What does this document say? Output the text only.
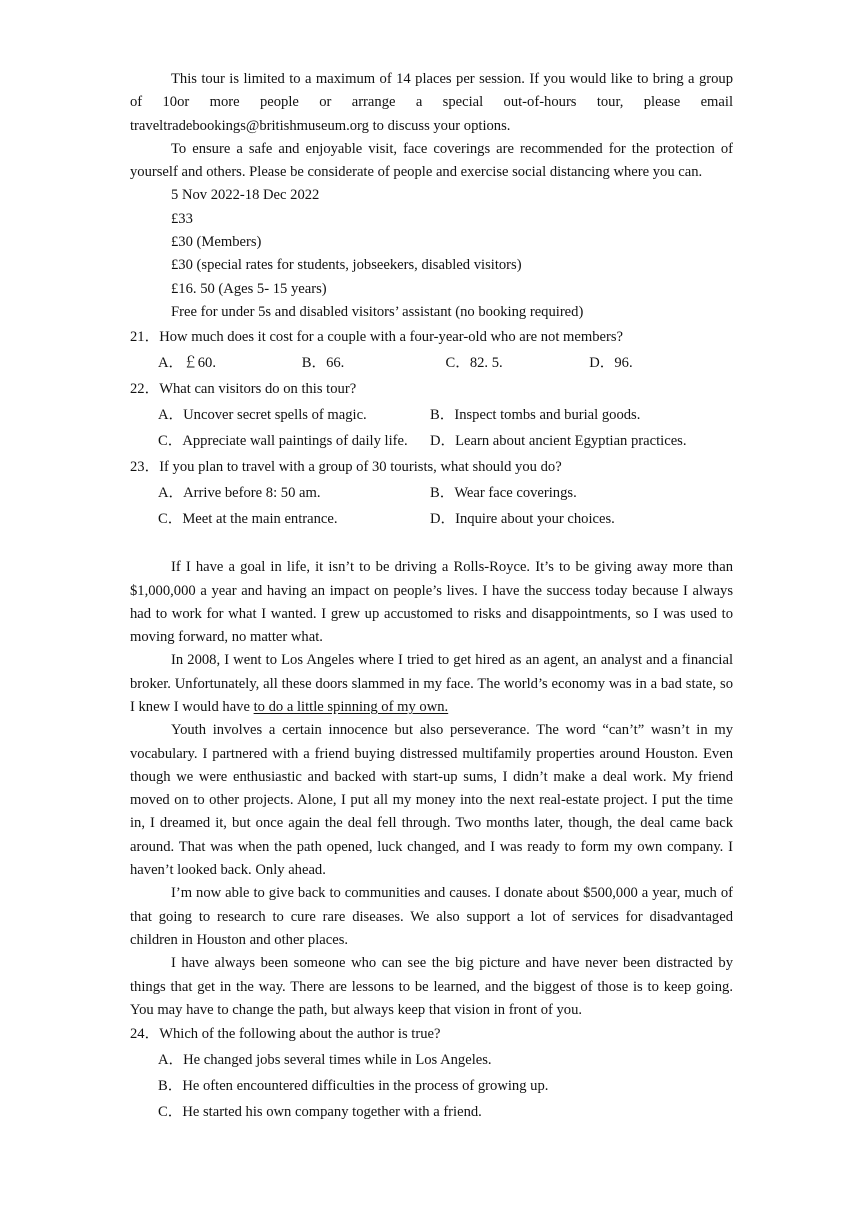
This tour is limited to a maximum of 14 places per session. If you would like to bring a group of 10or more people or arrange a special out-of-hours tour, please email traveltradebookings@britishmuseum.org to discuss your options.

To ensure a safe and enjoyable visit, face coverings are recommended for the protection of yourself and others. Please be considerate of people and exercise social distancing where you can.

5 Nov 2022-18 Dec 2022
£33
£30 (Members)
£30 (special rates for students, jobseekers, disabled visitors)
£16. 50 (Ages 5- 15 years)
Free for under 5s and disabled visitors’ assistant (no booking required)
21．How much does it cost for a couple with a four-year-old who are not members?
A．￡60.	B．66.	C．82. 5.	D．96.
22．What can visitors do on this tour?
A．Uncover secret spells of magic.	B．Inspect tombs and burial goods.
C．Appreciate wall paintings of daily life.	D．Learn about ancient Egyptian practices.
23．If you plan to travel with a group of 30 tourists, what should you do?
A．Arrive before 8: 50 am.	B．Wear face coverings.
C．Meet at the main entrance.	D．Inquire about your choices.

If I have a goal in life, it isn’t to be driving a Rolls-Royce. It’s to be giving away more than $1,000,000 a year and having an impact on people’s lives. I have the success today because I always had to work for what I wanted. I grew up accustomed to risks and disappointments, so I was used to moving forward, no matter what.

In 2008, I went to Los Angeles where I tried to get hired as an agent, an analyst and a financial broker. Unfortunately, all these doors slammed in my face. The world’s economy was in a bad state, so I knew I would have to do a little spinning of my own.

Youth involves a certain innocence but also perseverance. The word “can’t” wasn’t in my vocabulary. I partnered with a friend buying distressed multifamily properties around Houston. Even though we were enthusiastic and backed with start-up sums, I didn’t make a deal work. My friend moved on to other projects. Alone, I put all my money into the next real-estate project. I put the time in, I dreamed it, but once again the deal fell through. Two months later, though, the deal came back around. That was when the path opened, luck changed, and I was ready to form my own company. I haven’t looked back. Only ahead.

I’m now able to give back to communities and causes. I donate about $500,000 a year, much of that going to research to cure rare diseases. We also support a lot of services for disadvantaged children in Houston and other places.

I have always been someone who can see the big picture and have never been distracted by things that get in the way. There are lessons to be learned, and the biggest of those is to keep going. You may have to change the path, but always keep that vision in front of you.

24．Which of the following about the author is true?
A．He changed jobs several times while in Los Angeles.
B．He often encountered difficulties in the process of growing up.
C．He started his own company together with a friend.
